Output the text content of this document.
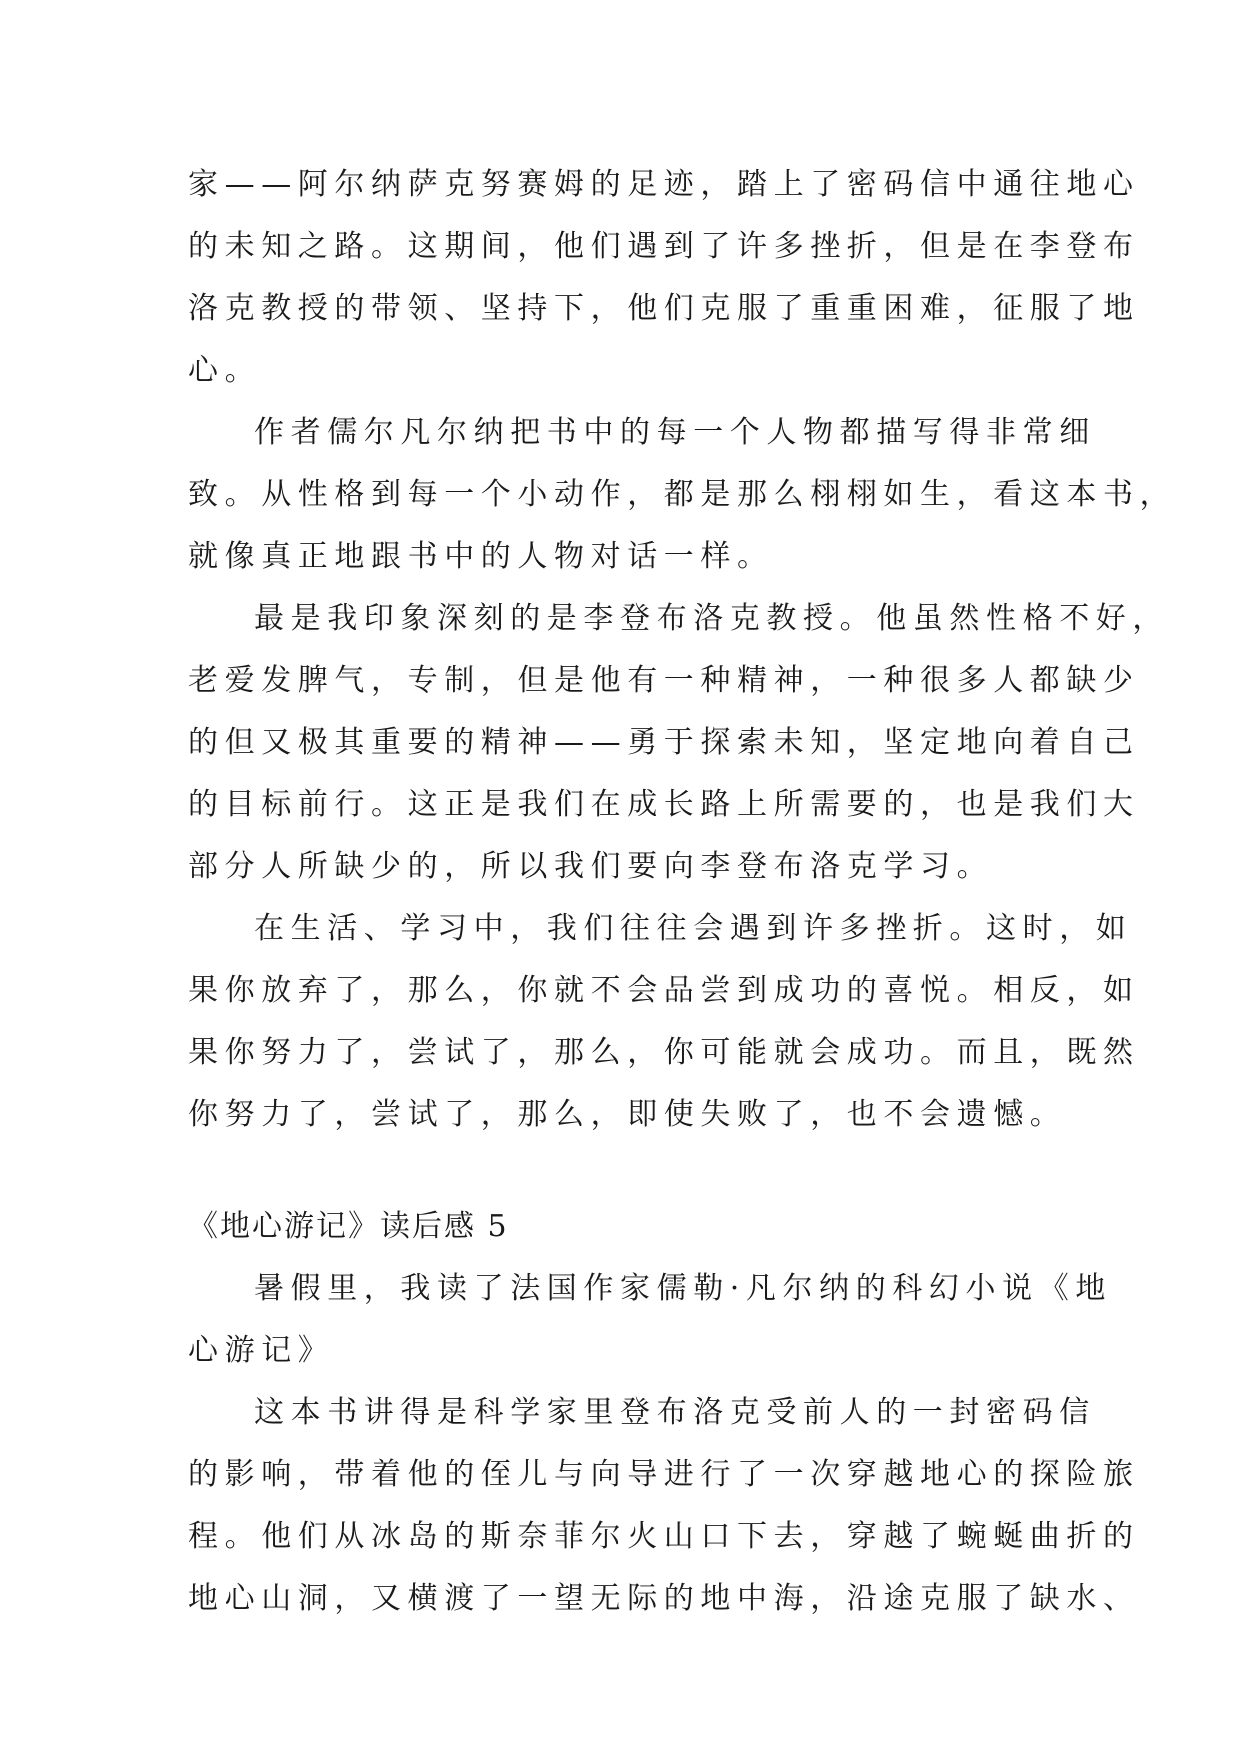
家——阿尔纳萨克努赛姆的足迹，踏上了密码信中通往地心
的未知之路。这期间，他们遇到了许多挫折，但是在李登布
洛克教授的带领、坚持下，他们克服了重重困难，征服了地
心。
作者儒尔凡尔纳把书中的每一个人物都描写得非常细
致。从性格到每一个小动作，都是那么栩栩如生，看这本书，
就像真正地跟书中的人物对话一样。
最是我印象深刻的是李登布洛克教授。他虽然性格不好，
老爱发脾气，专制，但是他有一种精神，一种很多人都缺少
的但又极其重要的精神——勇于探索未知，坚定地向着自己
的目标前行。这正是我们在成长路上所需要的，也是我们大
部分人所缺少的，所以我们要向李登布洛克学习。
在生活、学习中，我们往往会遇到许多挫折。这时，如
果你放弃了，那么，你就不会品尝到成功的喜悦。相反，如
果你努力了，尝试了，那么，你可能就会成功。而且，既然
你努力了，尝试了，那么，即使失败了，也不会遗憾。
《地心游记》读后感 5
暑假里，我读了法国作家儒勒·凡尔纳的科幻小说《地
心游记》
这本书讲得是科学家里登布洛克受前人的一封密码信
的影响，带着他的侄儿与向导进行了一次穿越地心的探险旅
程。他们从冰岛的斯奈菲尔火山口下去，穿越了蜿蜒曲折的
地心山洞，又横渡了一望无际的地中海，沿途克服了缺水、
